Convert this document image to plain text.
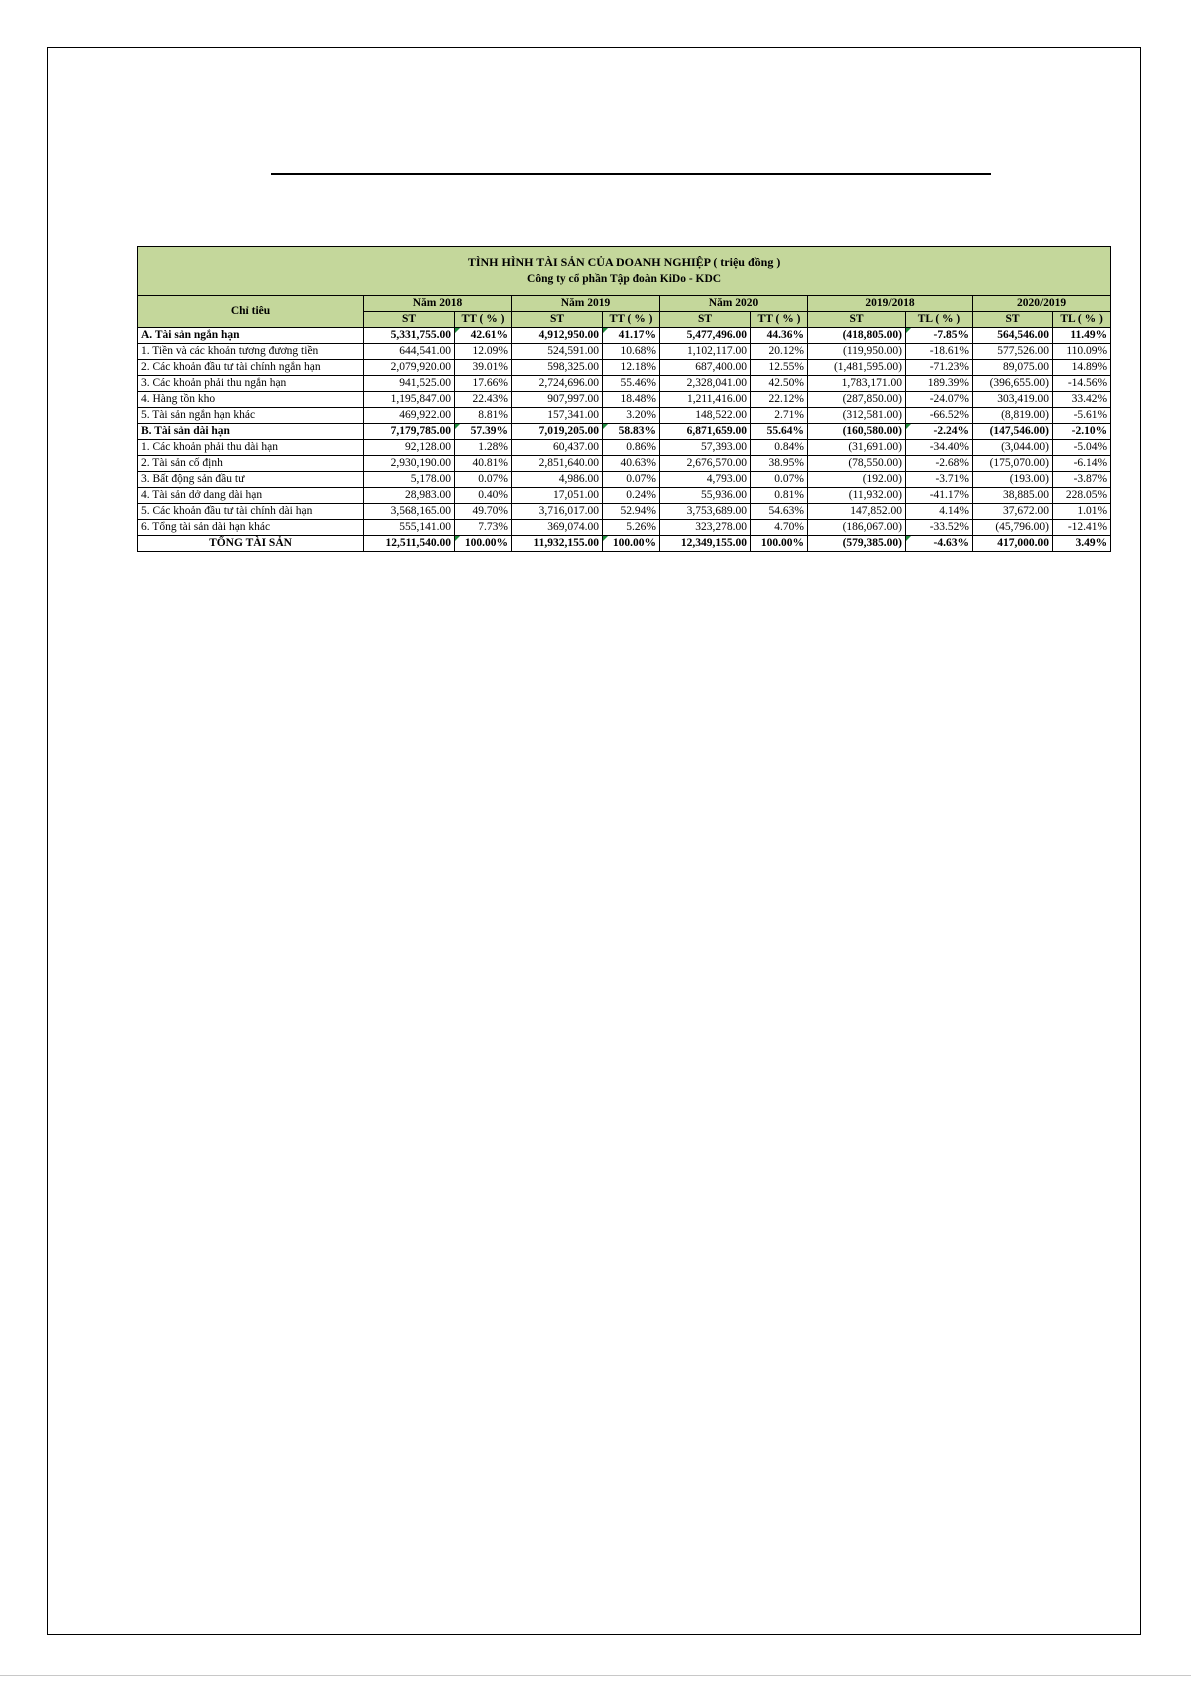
TÌNH HÌNH TÀI SẢN CỦA DOANH NGHIỆP ( triệu đồng )
Công ty cổ phần Tập đoàn KiDo - KDC										

Chỉ tiêu	Năm 2018		Năm 2019		Năm 2020		2019/2018		2020/2019	
	ST	TT ( % )	ST	TT ( % )	ST	TT ( % )	ST	TL ( % )	ST	TL ( % )
A. Tài sản ngắn hạn	5,331,755.00	42.61%	4,912,950.00	41.17%	5,477,496.00	44.36%	(418,805.00)	-7.85%	564,546.00	11.49%
1. Tiền và các khoản tương đương tiền	644,541.00	12.09%	524,591.00	10.68%	1,102,117.00	20.12%	(119,950.00)	-18.61%	577,526.00	110.09%
2. Các khoản đầu tư tài chính ngắn hạn	2,079,920.00	39.01%	598,325.00	12.18%	687,400.00	12.55%	(1,481,595.00)	-71.23%	89,075.00	14.89%
3. Các khoản phải thu ngắn hạn	941,525.00	17.66%	2,724,696.00	55.46%	2,328,041.00	42.50%	1,783,171.00	189.39%	(396,655.00)	-14.56%
4. Hàng tồn kho	1,195,847.00	22.43%	907,997.00	18.48%	1,211,416.00	22.12%	(287,850.00)	-24.07%	303,419.00	33.42%
5. Tài sản ngắn hạn khác	469,922.00	8.81%	157,341.00	3.20%	148,522.00	2.71%	(312,581.00)	-66.52%	(8,819.00)	-5.61%
B. Tài sản dài hạn	7,179,785.00	57.39%	7,019,205.00	58.83%	6,871,659.00	55.64%	(160,580.00)	-2.24%	(147,546.00)	-2.10%
1. Các khoản phải thu dài hạn	92,128.00	1.28%	60,437.00	0.86%	57,393.00	0.84%	(31,691.00)	-34.40%	(3,044.00)	-5.04%
2. Tài sản cố định	2,930,190.00	40.81%	2,851,640.00	40.63%	2,676,570.00	38.95%	(78,550.00)	-2.68%	(175,070.00)	-6.14%
3. Bất động sản đầu tư	5,178.00	0.07%	4,986.00	0.07%	4,793.00	0.07%	(192.00)	-3.71%	(193.00)	-3.87%
4. Tài sản dở dang dài hạn	28,983.00	0.40%	17,051.00	0.24%	55,936.00	0.81%	(11,932.00)	-41.17%	38,885.00	228.05%
5. Các khoản đầu tư tài chính dài hạn	3,568,165.00	49.70%	3,716,017.00	52.94%	3,753,689.00	54.63%	147,852.00	4.14%	37,672.00	1.01%
6. Tổng tài sản dài hạn khác	555,141.00	7.73%	369,074.00	5.26%	323,278.00	4.70%	(186,067.00)	-33.52%	(45,796.00)	-12.41%
TỔNG TÀI SẢN	12,511,540.00	100.00%	11,932,155.00	100.00%	12,349,155.00	100.00%	(579,385.00)	-4.63%	417,000.00	3.49%
